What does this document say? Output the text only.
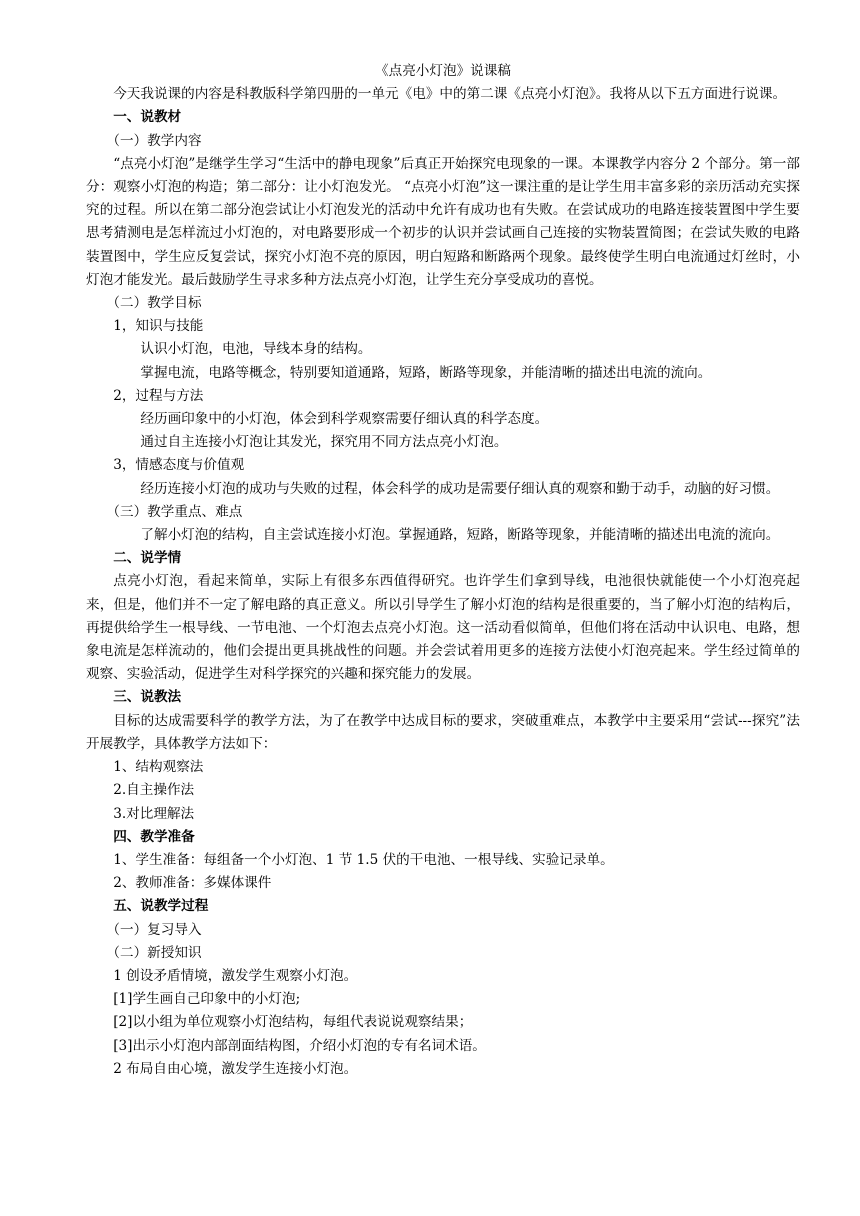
《点亮小灯泡》说课稿
今天我说课的内容是科教版科学第四册的一单元《电》中的第二课《点亮小灯泡》。我将从以下五方面进行说课。
一、说教材
（一）教学内容
“点亮小灯泡”是继学生学习“生活中的静电现象”后真正开始探究电现象的一课。本课教学内容分 2 个部分。第一部分：观察小灯泡的构造；第二部分：让小灯泡发光。 “点亮小灯泡”这一课注重的是让学生用丰富多彩的亲历活动充实探究的过程。所以在第二部分泡尝试让小灯泡发光的活动中允许有成功也有失败。在尝试成功的电路连接装置图中学生要思考猜测电是怎样流过小灯泡的，对电路要形成一个初步的认识并尝试画自己连接的实物装置简图；在尝试失败的电路装置图中，学生应反复尝试，探究小灯泡不亮的原因，明白短路和断路两个现象。最终使学生明白电流通过灯丝时，小灯泡才能发光。最后鼓励学生寻求多种方法点亮小灯泡，让学生充分享受成功的喜悦。
（二）教学目标
1，知识与技能
认识小灯泡，电池，导线本身的结构。
掌握电流，电路等概念，特别要知道通路，短路，断路等现象，并能清晰的描述出电流的流向。
2，过程与方法
经历画印象中的小灯泡，体会到科学观察需要仔细认真的科学态度。
通过自主连接小灯泡让其发光，探究用不同方法点亮小灯泡。
3，情感态度与价值观
经历连接小灯泡的成功与失败的过程，体会科学的成功是需要仔细认真的观察和勤于动手，动脑的好习惯。
（三）教学重点、难点
了解小灯泡的结构，自主尝试连接小灯泡。掌握通路，短路，断路等现象，并能清晰的描述出电流的流向。
二、说学情
点亮小灯泡，看起来简单，实际上有很多东西值得研究。也许学生们拿到导线，电池很快就能使一个小灯泡亮起来，但是，他们并不一定了解电路的真正意义。所以引导学生了解小灯泡的结构是很重要的，当了解小灯泡的结构后，再提供给学生一根导线、一节电池、一个灯泡去点亮小灯泡。这一活动看似简单，但他们将在活动中认识电、电路，想象电流是怎样流动的，他们会提出更具挑战性的问题。并会尝试着用更多的连接方法使小灯泡亮起来。学生经过简单的观察、实验活动，促进学生对科学探究的兴趣和探究能力的发展。
三、说教法
目标的达成需要科学的教学方法，为了在教学中达成目标的要求，突破重难点，本教学中主要采用“尝试---探究”法开展教学，具体教学方法如下：
1、结构观察法
2.自主操作法
3.对比理解法
四、教学准备
1、学生准备：每组备一个小灯泡、1 节 1.5 伏的干电池、一根导线、实验记录单。
2、教师准备：多媒体课件
五、说教学过程
（一）复习导入
（二）新授知识
1 创设矛盾情境，激发学生观察小灯泡。
[1]学生画自己印象中的小灯泡;
[2]以小组为单位观察小灯泡结构，每组代表说说观察结果；
[3]出示小灯泡内部剖面结构图，介绍小灯泡的专有名词术语。
2 布局自由心境，激发学生连接小灯泡。
